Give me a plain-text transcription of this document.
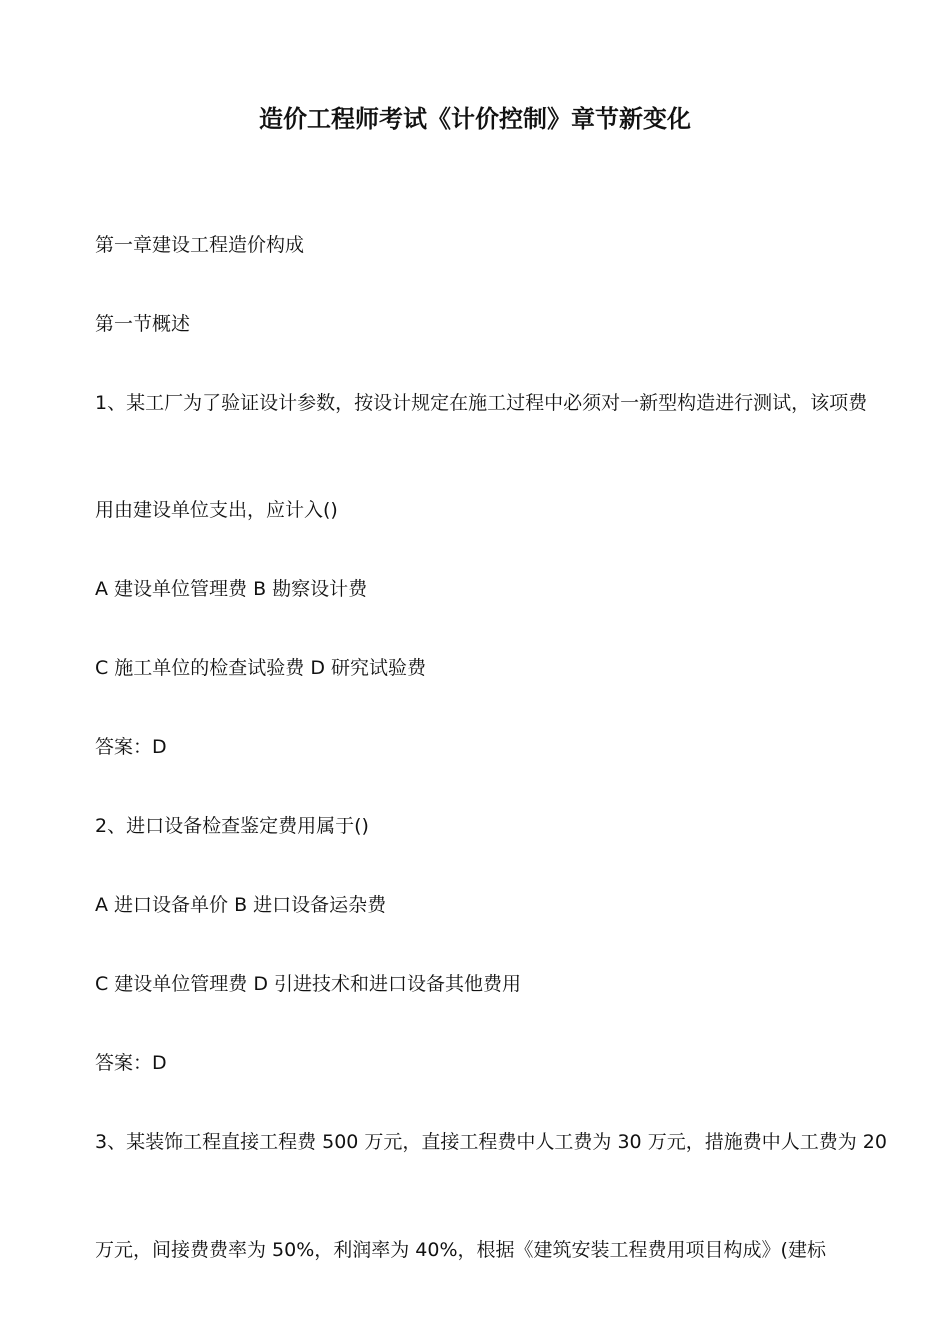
造价工程师考试《计价控制》章节新变化
第一章建设工程造价构成
第一节概述
1、某工厂为了验证设计参数，按设计规定在施工过程中必须对一新型构造进行测试，该项费
用由建设单位支出，应计入()
A 建设单位管理费 B 勘察设计费
C 施工单位的检查试验费 D 研究试验费
答案：D
2、进口设备检查鉴定费用属于()
A 进口设备单价 B 进口设备运杂费
C 建设单位管理费 D 引进技术和进口设备其他费用
答案：D
3、某装饰工程直接工程费 500 万元，直接工程费中人工费为 30 万元，措施费中人工费为 20
万元，间接费费率为 50%，利润率为 40%，根据《建筑安装工程费用项目构成》(建标
